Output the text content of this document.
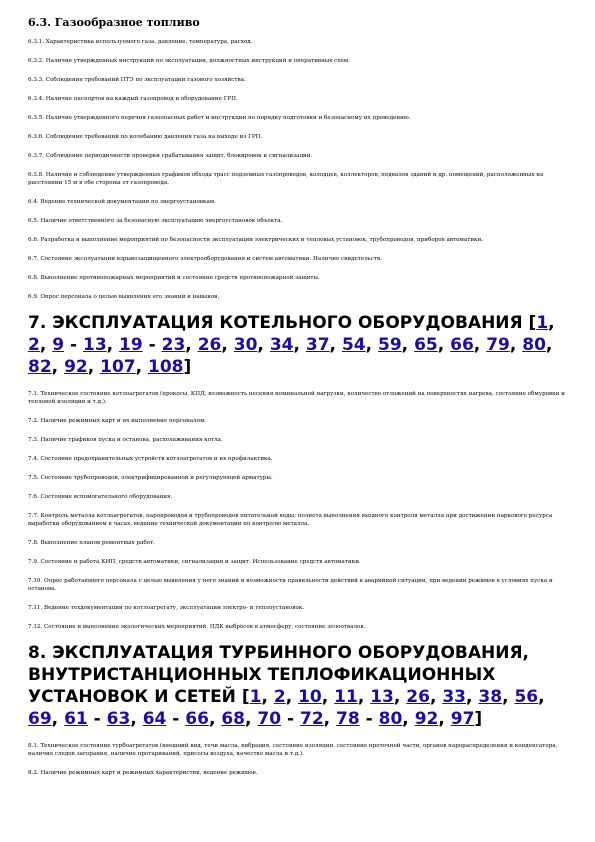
6.3. Газообразное топливо
6.3.1. Характеристика используемого газа, давление, температура, расход.
6.3.2. Наличие утвержденных инструкций по эксплуатации, должностных инструкций и оперативных схем.
6.3.3. Соблюдение требований ПТЭ по эксплуатации газового хозяйства.
6.3.4. Наличие паспортов на каждый газопровод и оборудование ГРП.
6.3.5. Наличие утвержденного перечня газоопасных работ и инструкции по порядку подготовки и безопасному их проведению.
6.3.6. Соблюдение требований по колебанию давления газа на выходе из ГРП.
6.3.7. Соблюдение периодичности проверки срабатывания защит, блокировок и сигнализации.
6.3.8. Наличие и соблюдение утвержденных графиков обхода трасс подземных газопроводов, колодцев, коллекторов, подвалов зданий и др. помещений, расположенных на расстоянии 15 м в обе стороны от газопровода.
6.4. Ведение технической документации по энергоустановкам.
6.5. Наличие ответственного за безопасную эксплуатацию энергоустановок объекта.
6.6. Разработка и выполнение мероприятий по безопасности эксплуатации электрических и тепловых установок, трубопроводов, приборов автоматики.
6.7. Состояние эксплуатации взрывозащищенного электрооборудования и систем автоматики. Наличие свидетельств.
6.8. Выполнение противопожарных мероприятий и состояние средств противопожарной защиты.
6.9. Опрос персонала о целью выявления его знаний и навыков.
7. ЭКСПЛУАТАЦИЯ КОТЕЛЬНОГО ОБОРУДОВАНИЯ [1, 2, 9 - 13, 19 - 23, 26, 30, 34, 37, 54, 59, 65, 66, 79, 80, 82, 92, 107, 108]
7.1. Техническое состояние котлоагрегатов (прокосы, КПД, возможность несения номинальной нагрузки, количество отложений на поверхностях нагрева, состояние обмуровки и тепловой изоляции и т.д.).
7.2. Наличие режимных карт и их выполнение персоналом.
7.3. Наличие графиков пуска и останова, расхолаживания котла.
7.4. Состояние предохранительных устройств котлоагрегатов и их профилактика.
7.5. Состояние трубопроводов, электрифицированной и регулирующей арматуры.
7.6. Состояние вспомогательного оборудования.
7.7. Контроль металла котлоагрегатов, паропроводов и трубопроводов питательной воды; полнота выполнения входного контроля металла при достижении паркового ресурса выработки оборудованием в часах, ведение технической документации по контролю металла.
7.8. Выполнение планов ремонтных работ.
7.9. Состояние и работа КИП, средств автоматики, сигнализации и защит. Использование средств автоматики.
7.10. Опрос работающего персонала с целью выявления у него знаний и возможности правильности действий в аварийной ситуации, при ведении режимов в условиях пуска и останова.
7.11. Ведение техдокументации по котлоагрегату, эксплуатации электро- и теплоустановок.
7.12. Состояние и выполнение экологических мероприятий, ПДК выбросов в атмосферу, состояние золоотвалов.
8. ЭКСПЛУАТАЦИЯ ТУРБИННОГО ОБОРУДОВАНИЯ, ВНУТРИСТАНЦИОННЫХ ТЕПЛОФИКАЦИОННЫХ УСТАНОВОК И СЕТЕЙ [1, 2, 10, 11, 13, 26, 33, 38, 56, 69, 61 - 63, 64 - 66, 68, 70 - 72, 78 - 80, 92, 97]
8.1. Техническое состояние турбоагрегатов (внешний вид, течи масла, вибрация, состояние изоляции, состояние проточной части, органов парораспределения и конденсатора, наличие следов загорания, наличие протариваний, присосы воздуха, качество масла и т.д.).
8.2. Наличие режимных карт и режимных характеристик, ведение режимов.
